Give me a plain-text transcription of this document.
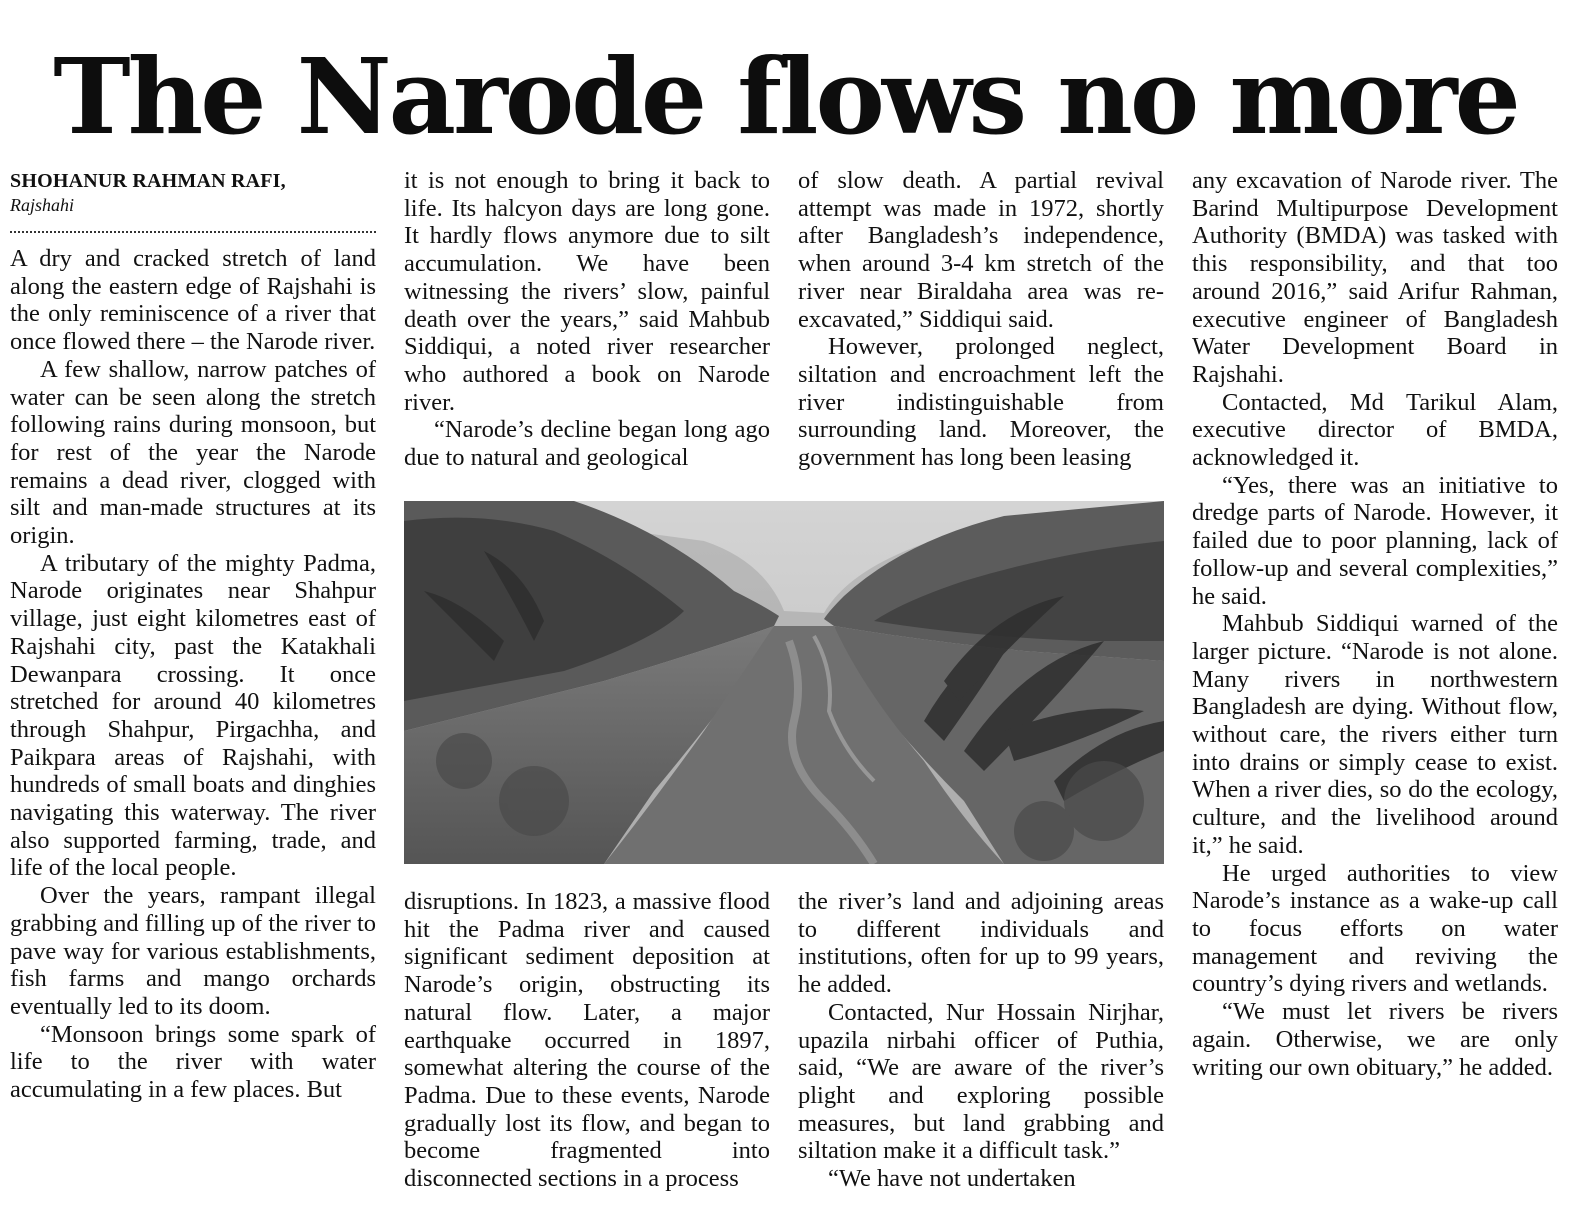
The Narode flows no more
SHOHANUR RAHMAN RAFI,
Rajshahi

A dry and cracked stretch of land along the eastern edge of Rajshahi is the only reminiscence of a river that once flowed there – the Narode river.

A few shallow, narrow patches of water can be seen along the stretch following rains during monsoon, but for rest of the year the Narode remains a dead river, clogged with silt and man-made structures at its origin.

A tributary of the mighty Padma, Narode originates near Shahpur village, just eight kilometres east of Rajshahi city, past the Katakhali Dewanpara crossing. It once stretched for around 40 kilometres through Shahpur, Pirgachha, and Paikpara areas of Rajshahi, with hundreds of small boats and dinghies navigating this waterway. The river also supported farming, trade, and life of the local people.

Over the years, rampant illegal grabbing and filling up of the river to pave way for various establishments, fish farms and mango orchards eventually led to its doom.

“Monsoon brings some spark of life to the river with water accumulating in a few places. But

it is not enough to bring it back to life. Its halcyon days are long gone. It hardly flows anymore due to silt accumulation. We have been witnessing the rivers’ slow, painful death over the years,” said Mahbub Siddiqui, a noted river researcher who authored a book on Narode river.

“Narode’s decline began long ago due to natural and geological

of slow death. A partial revival attempt was made in 1972, shortly after Bangladesh’s independence, when around 3-4 km stretch of the river near Biraldaha area was re-excavated,” Siddiqui said.

However, prolonged neglect, siltation and encroachment left the river indistinguishable from surrounding land. Moreover, the government has long been leasing

disruptions. In 1823, a massive flood hit the Padma river and caused significant sediment deposition at Narode’s origin, obstructing its natural flow. Later, a major earthquake occurred in 1897, somewhat altering the course of the Padma. Due to these events, Narode gradually lost its flow, and began to become fragmented into disconnected sections in a process

the river’s land and adjoining areas to different individuals and institutions, often for up to 99 years, he added.

Contacted, Nur Hossain Nirjhar, upazila nirbahi officer of Puthia, said, “We are aware of the river’s plight and exploring possible measures, but land grabbing and siltation make it a difficult task.”

“We have not undertaken

any excavation of Narode river. The Barind Multipurpose Development Authority (BMDA) was tasked with this responsibility, and that too around 2016,” said Arifur Rahman, executive engineer of Bangladesh Water Development Board in Rajshahi.

Contacted, Md Tarikul Alam, executive director of BMDA, acknowledged it.

“Yes, there was an initiative to dredge parts of Narode. However, it failed due to poor planning, lack of follow-up and several complexities,” he said.

Mahbub Siddiqui warned of the larger picture. “Narode is not alone. Many rivers in northwestern Bangladesh are dying. Without flow, without care, the rivers either turn into drains or simply cease to exist. When a river dies, so do the ecology, culture, and the livelihood around it,” he said.

He urged authorities to view Narode’s instance as a wake-up call to focus efforts on water management and reviving the country’s dying rivers and wetlands.

“We must let rivers be rivers again. Otherwise, we are only writing our own obituary,” he added.
